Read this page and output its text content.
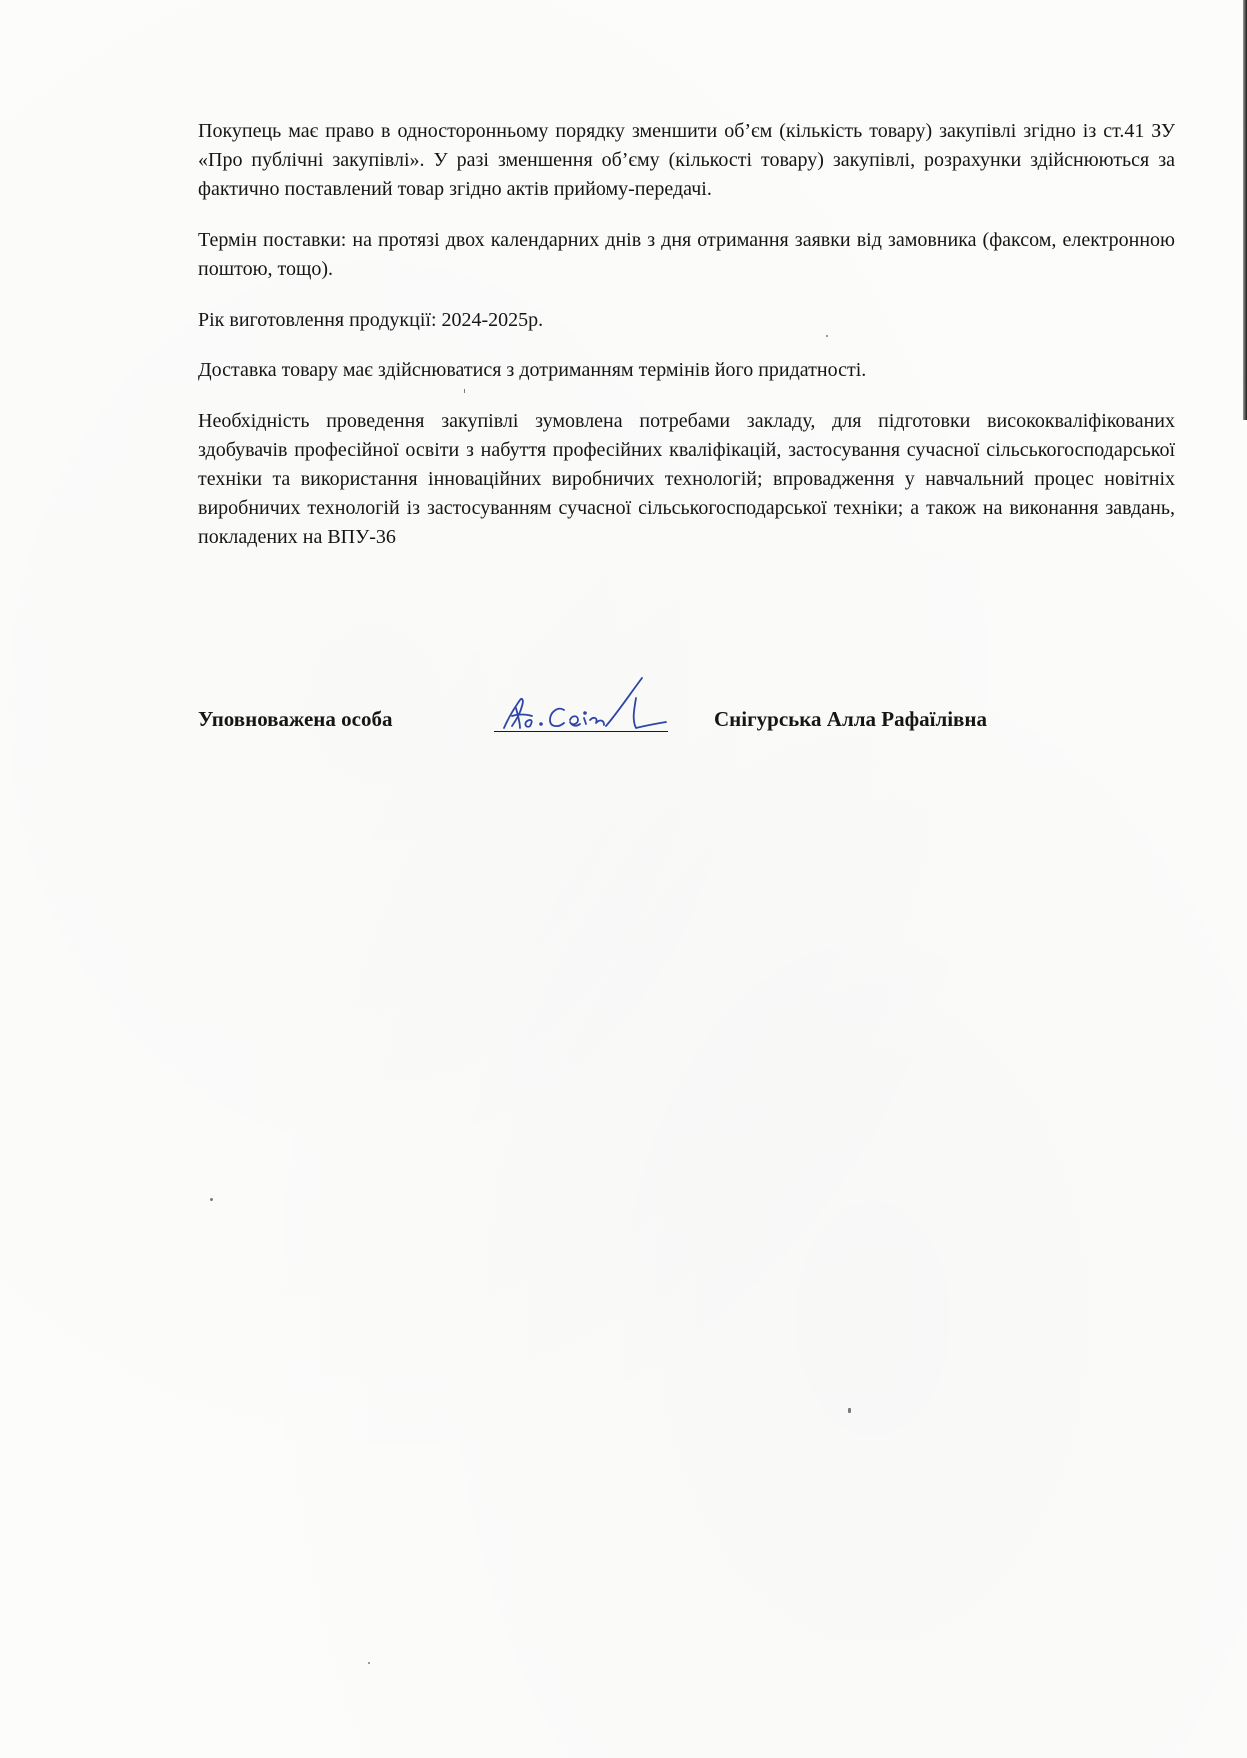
Покупець має право в односторонньому порядку зменшити об’єм (кількість товару) закупівлі згідно із ст.41 ЗУ «Про публічні закупівлі». У разі зменшення об’єму (кількості товару) закупівлі, розрахунки здійснюються за фактично поставлений товар згідно актів прийому-передачі.

Термін поставки: на протязі двох календарних днів з дня отримання заявки від замовника (факсом, електронною поштою, тощо).

Рік виготовлення продукції: 2024-2025р.

Доставка товару має здійснюватися з дотриманням термінів його придатності.

Необхідність проведення закупівлі зумовлена потребами закладу, для підготовки висококваліфікованих здобувачів професійної освіти з набуття професійних кваліфікацій, застосування сучасної сільськогосподарської техніки та використання інноваційних виробничих технологій; впровадження у навчальний процес новітніх виробничих технологій із застосуванням сучасної сільськогосподарської техніки; а також на виконання завдань, покладених на ВПУ-36

Уповноважена особа	Снігурська Алла Рафаїлівна
